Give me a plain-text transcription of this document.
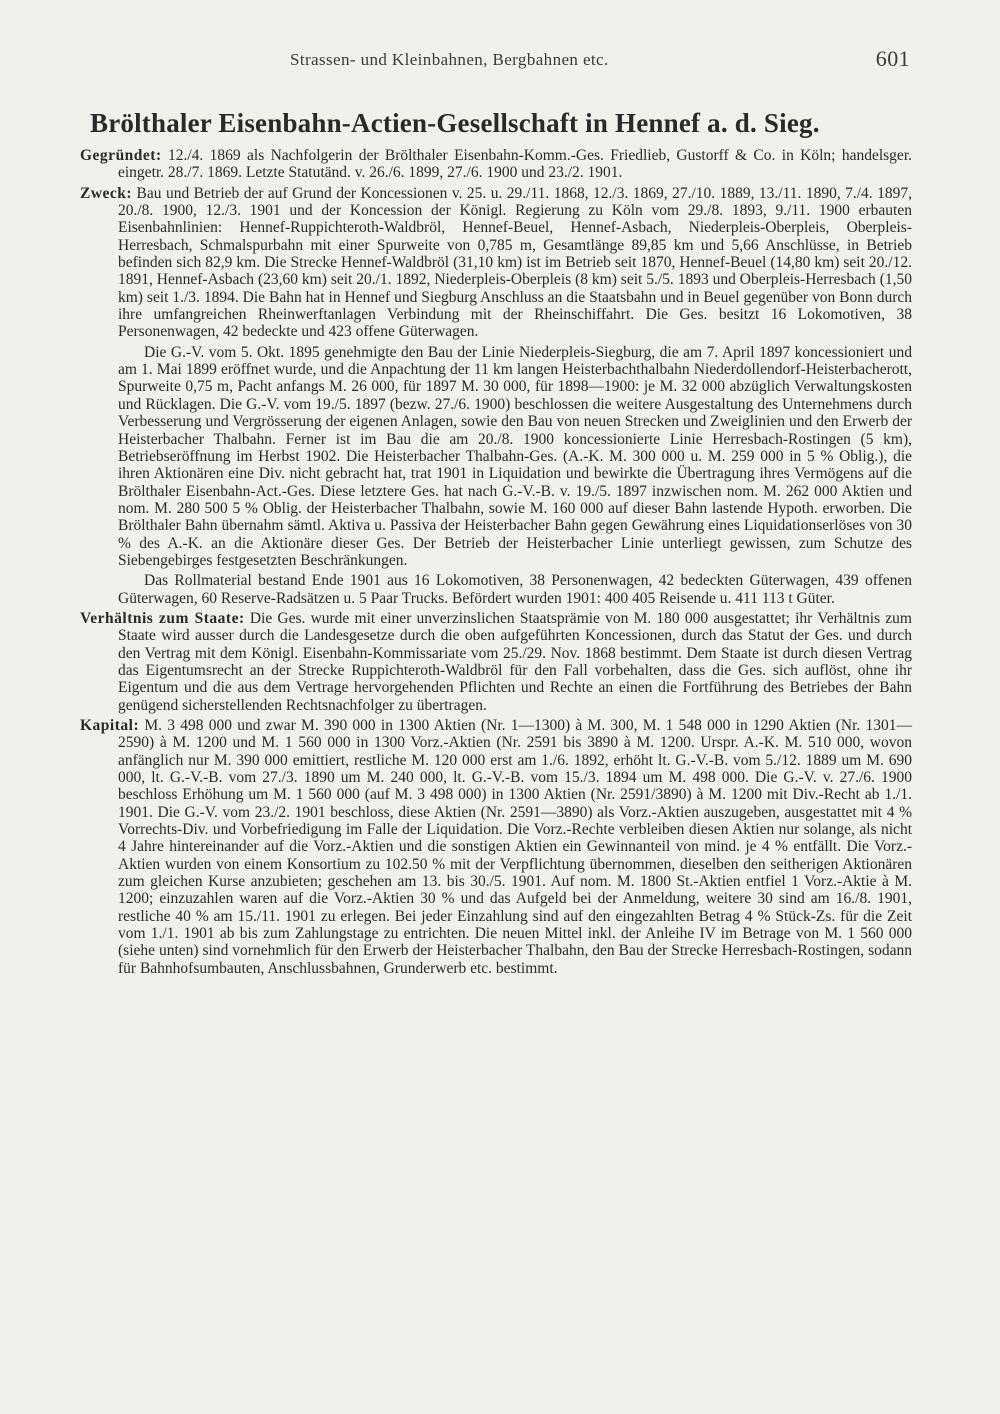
Strassen- und Kleinbahnen, Bergbahnen etc.	601
Brölthaler Eisenbahn-Actien-Gesellschaft in Hennef a. d. Sieg.

Gegründet: 12./4. 1869 als Nachfolgerin der Brölthaler Eisenbahn-Komm.-Ges. Friedlieb, Gustorff & Co. in Köln; handelsger. eingetr. 28./7. 1869. Letzte Statutänd. v. 26./6. 1899, 27./6. 1900 und 23./2. 1901.

Zweck: Bau und Betrieb der auf Grund der Koncessionen v. 25. u. 29./11. 1868, 12./3. 1869, 27./10. 1889, 13./11. 1890, 7./4. 1897, 20./8. 1900, 12./3. 1901 und der Koncession der Königl. Regierung zu Köln vom 29./8. 1893, 9./11. 1900 erbauten Eisenbahnlinien: Hennef-Ruppichteroth-Waldbröl, Hennef-Beuel, Hennef-Asbach, Niederpleis-Oberpleis, Oberpleis-Herresbach, Schmalspurbahn mit einer Spurweite von 0,785 m, Gesamtlänge 89,85 km und 5,66 Anschlüsse, in Betrieb befinden sich 82,9 km. Die Strecke Hennef-Waldbröl (31,10 km) ist im Betrieb seit 1870, Hennef-Beuel (14,80 km) seit 20./12. 1891, Hennef-Asbach (23,60 km) seit 20./1. 1892, Niederpleis-Oberpleis (8 km) seit 5./5. 1893 und Oberpleis-Herresbach (1,50 km) seit 1./3. 1894. Die Bahn hat in Hennef und Siegburg Anschluss an die Staatsbahn und in Beuel gegenüber von Bonn durch ihre umfangreichen Rheinwerftanlagen Verbindung mit der Rheinschiffahrt. Die Ges. besitzt 16 Lokomotiven, 38 Personenwagen, 42 bedeckte und 423 offene Güterwagen.

Die G.-V. vom 5. Okt. 1895 genehmigte den Bau der Linie Niederpleis-Siegburg, die am 7. April 1897 koncessioniert und am 1. Mai 1899 eröffnet wurde, und die Anpachtung der 11 km langen Heisterbachthalbahn Niederdollendorf-Heisterbacherott, Spurweite 0,75 m, Pacht anfangs M. 26 000, für 1897 M. 30 000, für 1898—1900: je M. 32 000 abzüglich Verwaltungskosten und Rücklagen. Die G.-V. vom 19./5. 1897 (bezw. 27./6. 1900) beschlossen die weitere Ausgestaltung des Unternehmens durch Verbesserung und Vergrösserung der eigenen Anlagen, sowie den Bau von neuen Strecken und Zweiglinien und den Erwerb der Heisterbacher Thalbahn. Ferner ist im Bau die am 20./8. 1900 koncessionierte Linie Herresbach-Rostingen (5 km), Betriebseröffnung im Herbst 1902. Die Heisterbacher Thalbahn-Ges. (A.-K. M. 300 000 u. M. 259 000 in 5 % Oblig.), die ihren Aktionären eine Div. nicht gebracht hat, trat 1901 in Liquidation und bewirkte die Übertragung ihres Vermögens auf die Brölthaler Eisenbahn-Act.-Ges. Diese letztere Ges. hat nach G.-V.-B. v. 19./5. 1897 inzwischen nom. M. 262 000 Aktien und nom. M. 280 500 5 % Oblig. der Heisterbacher Thalbahn, sowie M. 160 000 auf dieser Bahn lastende Hypoth. erworben. Die Brölthaler Bahn übernahm sämtl. Aktiva u. Passiva der Heisterbacher Bahn gegen Gewährung eines Liquidationserlöses von 30 % des A.-K. an die Aktionäre dieser Ges. Der Betrieb der Heisterbacher Linie unterliegt gewissen, zum Schutze des Siebengebirges festgesetzten Beschränkungen.

Das Rollmaterial bestand Ende 1901 aus 16 Lokomotiven, 38 Personenwagen, 42 bedeckten Güterwagen, 439 offenen Güterwagen, 60 Reserve-Radsätzen u. 5 Paar Trucks. Befördert wurden 1901: 400 405 Reisende u. 411 113 t Güter.

Verhältnis zum Staate: Die Ges. wurde mit einer unverzinslichen Staatsprämie von M. 180 000 ausgestattet; ihr Verhältnis zum Staate wird ausser durch die Landesgesetze durch die oben aufgeführten Koncessionen, durch das Statut der Ges. und durch den Vertrag mit dem Königl. Eisenbahn-Kommissariate vom 25./29. Nov. 1868 bestimmt. Dem Staate ist durch diesen Vertrag das Eigentumsrecht an der Strecke Ruppichteroth-Waldbröl für den Fall vorbehalten, dass die Ges. sich auflöst, ohne ihr Eigentum und die aus dem Vertrage hervorgehenden Pflichten und Rechte an einen die Fortführung des Betriebes der Bahn genügend sicherstellenden Rechtsnachfolger zu übertragen.

Kapital: M. 3 498 000 und zwar M. 390 000 in 1300 Aktien (Nr. 1—1300) à M. 300, M. 1 548 000 in 1290 Aktien (Nr. 1301—2590) à M. 1200 und M. 1 560 000 in 1300 Vorz.-Aktien (Nr. 2591 bis 3890 à M. 1200. Urspr. A.-K. M. 510 000, wovon anfänglich nur M. 390 000 emittiert, restliche M. 120 000 erst am 1./6. 1892, erhöht lt. G.-V.-B. vom 5./12. 1889 um M. 690 000, lt. G.-V.-B. vom 27./3. 1890 um M. 240 000, lt. G.-V.-B. vom 15./3. 1894 um M. 498 000. Die G.-V. v. 27./6. 1900 beschloss Erhöhung um M. 1 560 000 (auf M. 3 498 000) in 1300 Aktien (Nr. 2591/3890) à M. 1200 mit Div.-Recht ab 1./1. 1901. Die G.-V. vom 23./2. 1901 beschloss, diese Aktien (Nr. 2591—3890) als Vorz.-Aktien auszugeben, ausgestattet mit 4 % Vorrechts-Div. und Vorbefriedigung im Falle der Liquidation. Die Vorz.-Rechte verbleiben diesen Aktien nur solange, als nicht 4 Jahre hintereinander auf die Vorz.-Aktien und die sonstigen Aktien ein Gewinnanteil von mind. je 4 % entfällt. Die Vorz.-Aktien wurden von einem Konsortium zu 102.50 % mit der Verpflichtung übernommen, dieselben den seitherigen Aktionären zum gleichen Kurse anzubieten; geschehen am 13. bis 30./5. 1901. Auf nom. M. 1800 St.-Aktien entfiel 1 Vorz.-Aktie à M. 1200; einzuzahlen waren auf die Vorz.-Aktien 30 % und das Aufgeld bei der Anmeldung, weitere 30 sind am 16./8. 1901, restliche 40 % am 15./11. 1901 zu erlegen. Bei jeder Einzahlung sind auf den eingezahlten Betrag 4 % Stück-Zs. für die Zeit vom 1./1. 1901 ab bis zum Zahlungstage zu entrichten. Die neuen Mittel inkl. der Anleihe IV im Betrage von M. 1 560 000 (siehe unten) sind vornehmlich für den Erwerb der Heisterbacher Thalbahn, den Bau der Strecke Herresbach-Rostingen, sodann für Bahnhofsumbauten, Anschlussbahnen, Grunderwerb etc. bestimmt.
